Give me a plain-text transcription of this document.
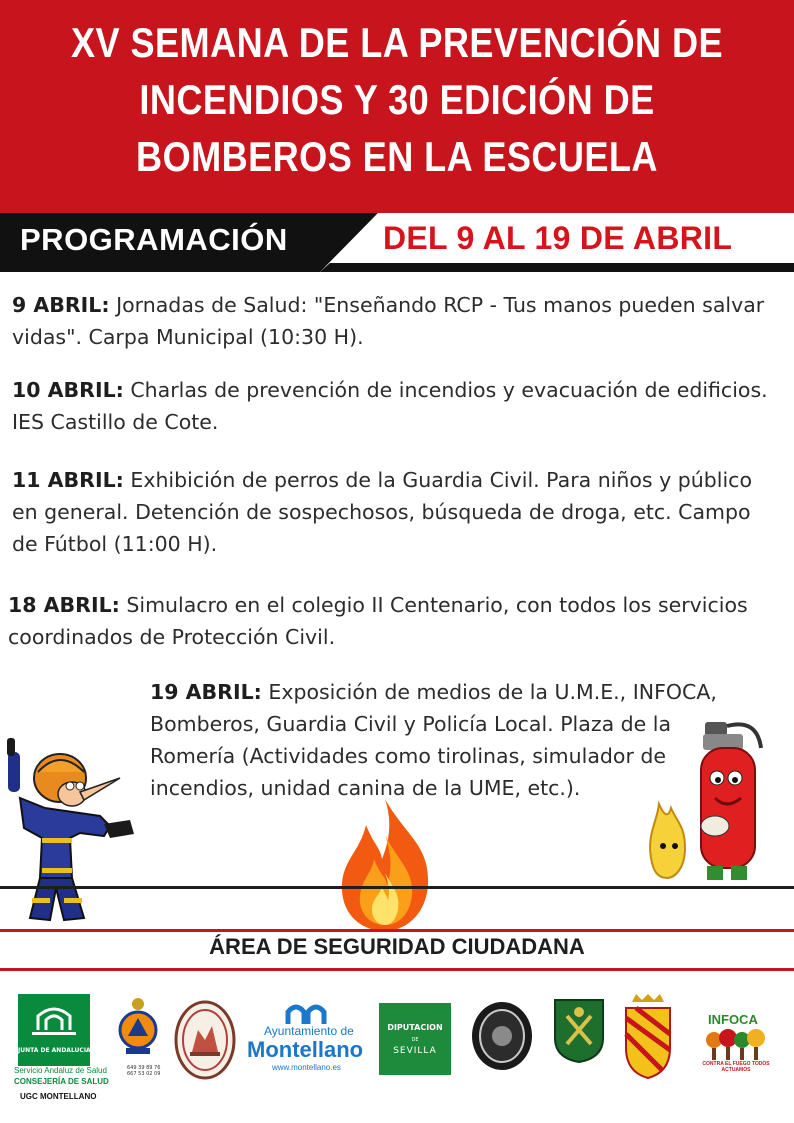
XV SEMANA DE LA PREVENCIÓN DE
INCENDIOS Y 30 EDICIÓN DE
BOMBEROS EN LA ESCUELA
PROGRAMACIÓN	DEL 9 AL 19 DE ABRIL
9 ABRIL: Jornadas de Salud: "Enseñando RCP - Tus manos pueden salvar vidas". Carpa Municipal (10:30 H).
10 ABRIL: Charlas de prevención de incendios y evacuación de edificios. IES Castillo de Cote.
11 ABRIL: Exhibición de perros de la Guardia Civil. Para niños y público en general. Detención de sospechosos, búsqueda de droga, etc. Campo de Fútbol (11:00 H).
18 ABRIL: Simulacro en el colegio II Centenario, con todos los servicios coordinados de Protección Civil.
19 ABRIL: Exposición de medios de la U.M.E., INFOCA, Bomberos, Guardia Civil y Policía Local. Plaza de la Romería (Actividades como tirolinas, simulador de incendios, unidad canina de la UME, etc.).
ÁREA DE SEGURIDAD CIUDADANA
JUNTA DE ANDALUCIA
Servicio Andaluz de Salud
CONSEJERÍA DE SALUD
UGC MONTELLANO
649 39 89 76
667 53 02 09
Ayuntamiento de
Montellano
www.montellano.es
DIPUTACION
DE
SEVILLA
INFOCA
CONTRA EL FUEGO TODOS ACTUAMOS
